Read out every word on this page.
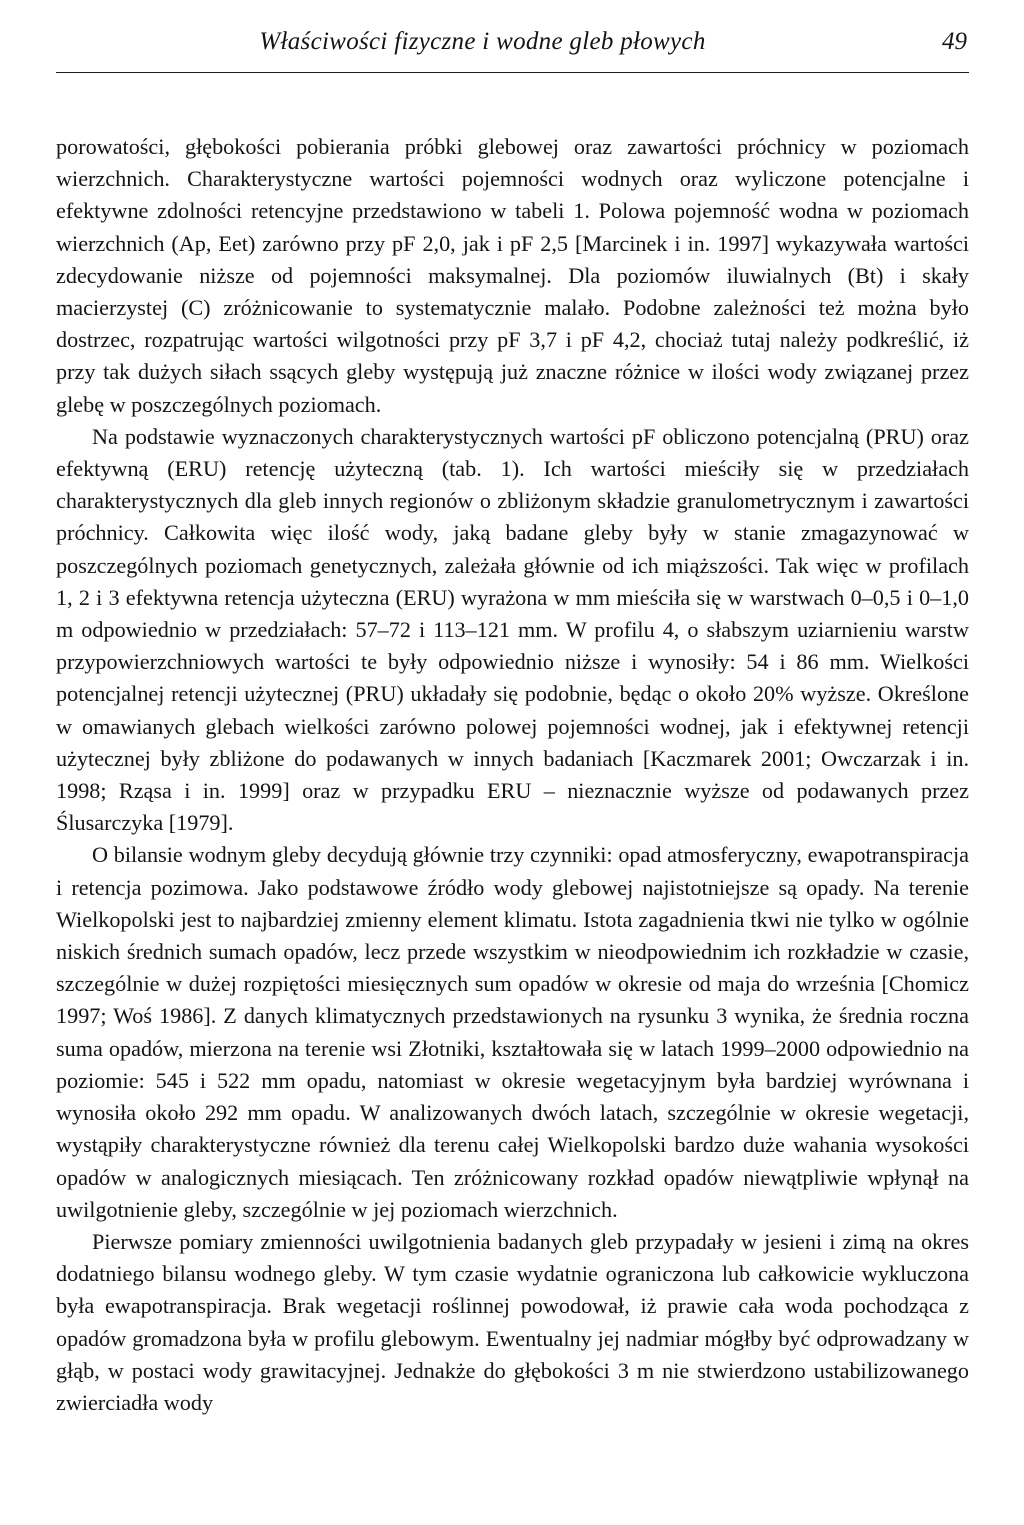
Właściwości fizyczne i wodne gleb płowych	49

porowatości, głębokości pobierania próbki glebowej oraz zawartości próchnicy w poziomach wierzchnich. Charakterystyczne wartości pojemności wodnych oraz wyliczone potencjalne i efektywne zdolności retencyjne przedstawiono w tabeli 1. Polowa pojemność wodna w poziomach wierzchnich (Ap, Eet) zarówno przy pF 2,0, jak i pF 2,5 [Marcinek i in. 1997] wykazywała wartości zdecydowanie niższe od pojemności maksymalnej. Dla poziomów iluwialnych (Bt) i skały macierzystej (C) zróżnicowanie to systematycznie malało. Podobne zależności też można było dostrzec, rozpatrując wartości wilgotności przy pF 3,7 i pF 4,2, chociaż tutaj należy podkreślić, iż przy tak dużych siłach ssących gleby występują już znaczne różnice w ilości wody związanej przez glebę w poszczególnych poziomach.

Na podstawie wyznaczonych charakterystycznych wartości pF obliczono potencjalną (PRU) oraz efektywną (ERU) retencję użyteczną (tab. 1). Ich wartości mieściły się w przedziałach charakterystycznych dla gleb innych regionów o zbliżonym składzie granulometrycznym i zawartości próchnicy. Całkowita więc ilość wody, jaką badane gleby były w stanie zmagazynować w poszczególnych poziomach genetycznych, zależała głównie od ich miąższości. Tak więc w profilach 1, 2 i 3 efektywna retencja użyteczna (ERU) wyrażona w mm mieściła się w warstwach 0–0,5 i 0–1,0 m odpowiednio w przedziałach: 57–72 i 113–121 mm. W profilu 4, o słabszym uziarnieniu warstw przypowierzchniowych wartości te były odpowiednio niższe i wynosiły: 54 i 86 mm. Wielkości potencjalnej retencji użytecznej (PRU) układały się podobnie, będąc o około 20% wyższe. Określone w omawianych glebach wielkości zarówno polowej pojemności wodnej, jak i efektywnej retencji użytecznej były zbliżone do podawanych w innych badaniach [Kaczmarek 2001; Owczarzak i in. 1998; Rząsa i in. 1999] oraz w przypadku ERU – nieznacznie wyższe od podawanych przez Ślusarczyka [1979].

O bilansie wodnym gleby decydują głównie trzy czynniki: opad atmosferyczny, ewapotranspiracja i retencja pozimowa. Jako podstawowe źródło wody glebowej najistotniejsze są opady. Na terenie Wielkopolski jest to najbardziej zmienny element klimatu. Istota zagadnienia tkwi nie tylko w ogólnie niskich średnich sumach opadów, lecz przede wszystkim w nieodpowiednim ich rozkładzie w czasie, szczególnie w dużej rozpiętości miesięcznych sum opadów w okresie od maja do września [Chomicz 1997; Woś 1986]. Z danych klimatycznych przedstawionych na rysunku 3 wynika, że średnia roczna suma opadów, mierzona na terenie wsi Złotniki, kształtowała się w latach 1999–2000 odpowiednio na poziomie: 545 i 522 mm opadu, natomiast w okresie wegetacyjnym była bardziej wyrównana i wynosiła około 292 mm opadu. W analizowanych dwóch latach, szczególnie w okresie wegetacji, wystąpiły charakterystyczne również dla terenu całej Wielkopolski bardzo duże wahania wysokości opadów w analogicznych miesiącach. Ten zróżnicowany rozkład opadów niewątpliwie wpłynął na uwilgotnienie gleby, szczególnie w jej poziomach wierzchnich.

Pierwsze pomiary zmienności uwilgotnienia badanych gleb przypadały w jesieni i zimą na okres dodatniego bilansu wodnego gleby. W tym czasie wydatnie ograniczona lub całkowicie wykluczona była ewapotranspiracja. Brak wegetacji roślinnej powodował, iż prawie cała woda pochodząca z opadów gromadzona była w profilu glebowym. Ewentualny jej nadmiar mógłby być odprowadzany w głąb, w postaci wody grawitacyjnej. Jednakże do głębokości 3 m nie stwierdzono ustabilizowanego zwierciadła wody
